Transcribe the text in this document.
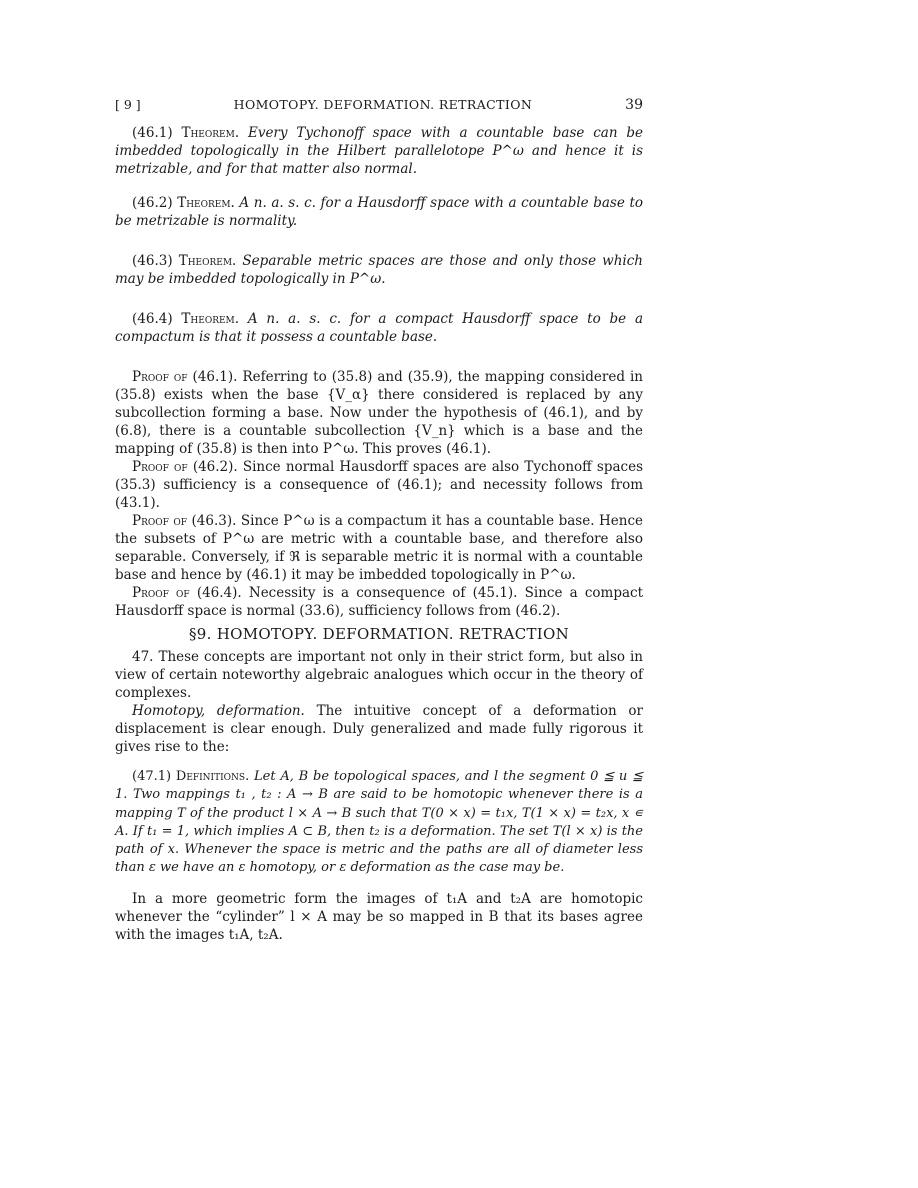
[ 9 ]	HOMOTOPY. DEFORMATION. RETRACTION	39

(46.1) Theorem. Every Tychonoff space with a countable base can be imbedded topologically in the Hilbert parallelotope P^ω and hence it is metrizable, and for that matter also normal.

(46.2) Theorem. A n. a. s. c. for a Hausdorff space with a countable base to be metrizable is normality.

(46.3) Theorem. Separable metric spaces are those and only those which may be imbedded topologically in P^ω.

(46.4) Theorem. A n. a. s. c. for a compact Hausdorff space to be a compactum is that it possess a countable base.

Proof of (46.1). Referring to (35.8) and (35.9), the mapping considered in (35.8) exists when the base {V_α} there considered is replaced by any subcollection forming a base. Now under the hypothesis of (46.1), and by (6.8), there is a countable subcollection {V_n} which is a base and the mapping of (35.8) is then into P^ω. This proves (46.1).

Proof of (46.2). Since normal Hausdorff spaces are also Tychonoff spaces (35.3) sufficiency is a consequence of (46.1); and necessity follows from (43.1).

Proof of (46.3). Since P^ω is a compactum it has a countable base. Hence the subsets of P^ω are metric with a countable base, and therefore also separable. Conversely, if ℜ is separable metric it is normal with a countable base and hence by (46.1) it may be imbedded topologically in P^ω.

Proof of (46.4). Necessity is a consequence of (45.1). Since a compact Hausdorff space is normal (33.6), sufficiency follows from (46.2).

§9. HOMOTOPY. DEFORMATION. RETRACTION

47. These concepts are important not only in their strict form, but also in view of certain noteworthy algebraic analogues which occur in the theory of complexes.

Homotopy, deformation. The intuitive concept of a deformation or displacement is clear enough. Duly generalized and made fully rigorous it gives rise to the:

(47.1) Definitions. Let A, B be topological spaces, and l the segment 0 ≦ u ≦ 1. Two mappings t₁ , t₂ : A → B are said to be homotopic whenever there is a mapping T of the product l × A → B such that T(0 × x) = t₁x, T(1 × x) = t₂x, x ∊ A. If t₁ = 1, which implies A ⊂ B, then t₂ is a deformation. The set T(l × x) is the path of x. Whenever the space is metric and the paths are all of diameter less than ε we have an ε homotopy, or ε deformation as the case may be.

In a more geometric form the images of t₁A and t₂A are homotopic whenever the “cylinder” l × A may be so mapped in B that its bases agree with the images t₁A, t₂A.
